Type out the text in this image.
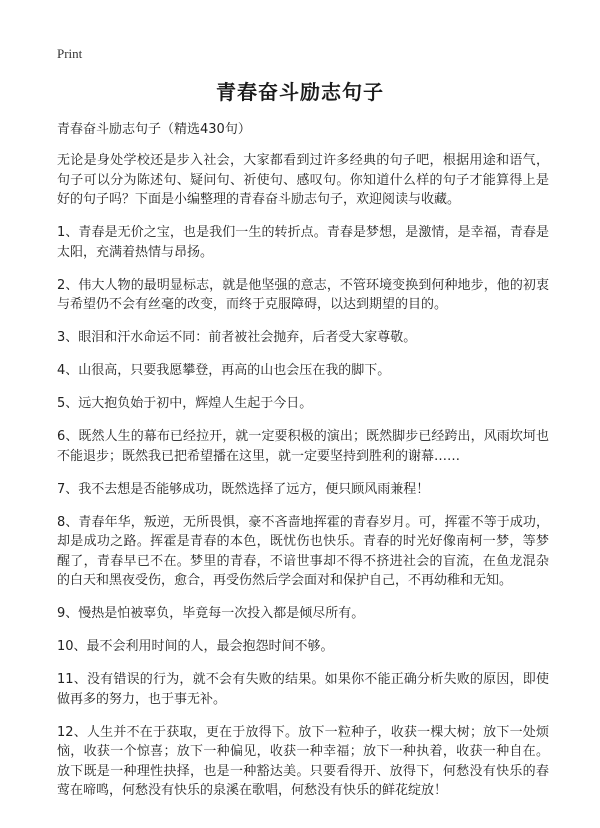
Print
青春奋斗励志句子

青春奋斗励志句子（精选430句）

无论是身处学校还是步入社会，大家都看到过许多经典的句子吧，根据用途和语气，句子可以分为陈述句、疑问句、祈使句、感叹句。你知道什么样的句子才能算得上是好的句子吗？下面是小编整理的青春奋斗励志句子，欢迎阅读与收藏。

1、青春是无价之宝，也是我们一生的转折点。青春是梦想，是激情，是幸福，青春是太阳，充满着热情与昂扬。

2、伟大人物的最明显标志，就是他坚强的意志，不管环境变换到何种地步，他的初衷与希望仍不会有丝毫的改变，而终于克服障碍，以达到期望的目的。

3、眼泪和汗水命运不同：前者被社会抛弃，后者受大家尊敬。

4、山很高，只要我愿攀登，再高的山也会压在我的脚下。

5、远大抱负始于初中，辉煌人生起于今日。

6、既然人生的幕布已经拉开，就一定要积极的演出；既然脚步已经跨出，风雨坎坷也不能退步；既然我已把希望播在这里，就一定要坚持到胜利的谢幕……

7、我不去想是否能够成功，既然选择了远方，便只顾风雨兼程！

8、青春年华，叛逆，无所畏惧，豪不吝啬地挥霍的青春岁月。可，挥霍不等于成功，却是成功之路。挥霍是青春的本色，既忧伤也快乐。青春的时光好像南柯一梦，等梦醒了，青春早已不在。梦里的青春，不谙世事却不得不挤进社会的盲流，在鱼龙混杂的白天和黑夜受伤，愈合，再受伤然后学会面对和保护自己，不再幼稚和无知。

9、慢热是怕被辜负，毕竟每一次投入都是倾尽所有。

10、最不会利用时间的人，最会抱怨时间不够。

11、没有错误的行为，就不会有失败的结果。如果你不能正确分析失败的原因，即使做再多的努力，也于事无补。

12、人生并不在于获取，更在于放得下。放下一粒种子，收获一棵大树；放下一处烦恼，收获一个惊喜；放下一种偏见，收获一种幸福；放下一种执着，收获一种自在。放下既是一种理性抉择，也是一种豁达美。只要看得开、放得下，何愁没有快乐的春莺在啼鸣，何愁没有快乐的泉溪在歌唱，何愁没有快乐的鲜花绽放！
